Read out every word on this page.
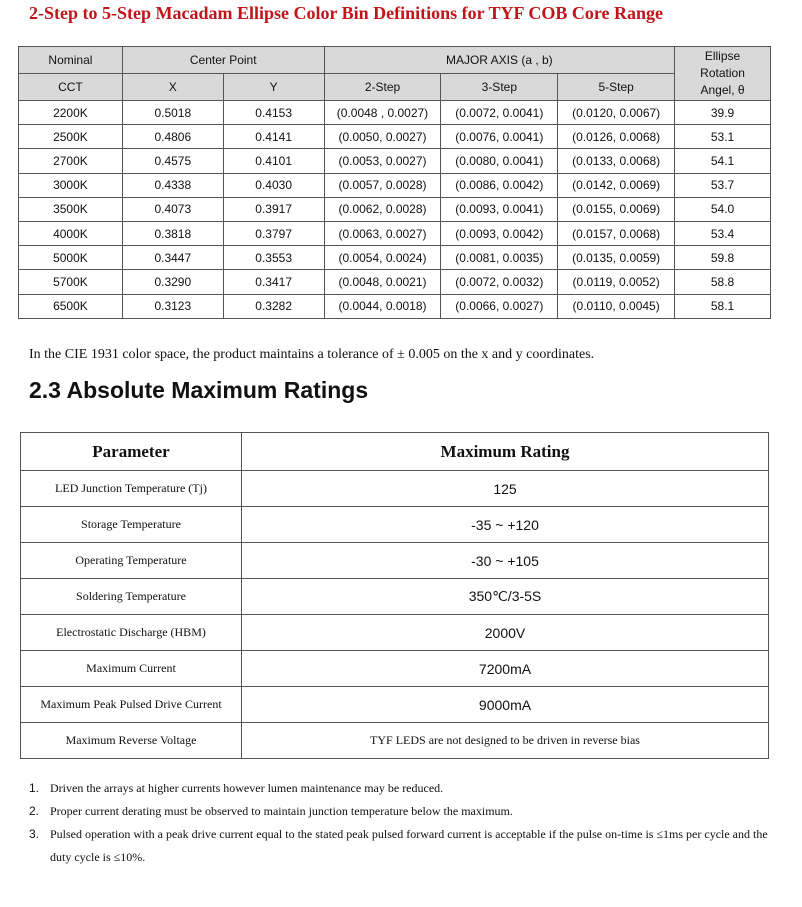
2-Step to 5-Step Macadam Ellipse Color Bin Definitions for TYF COB Core Range
Nominal	Center Point		MAJOR AXIS (a , b)			Ellipse
Rotation
Angel, θ

CCT	X	Y	2-Step	3-Step	5-Step	
2200K	0.5018	0.4153	(0.0048 , 0.0027)	(0.0072, 0.0041)	(0.0120, 0.0067)	39.9
2500K	0.4806	0.4141	(0.0050, 0.0027)	(0.0076, 0.0041)	(0.0126, 0.0068)	53.1
2700K	0.4575	0.4101	(0.0053, 0.0027)	(0.0080, 0.0041)	(0.0133, 0.0068)	54.1
3000K	0.4338	0.4030	(0.0057, 0.0028)	(0.0086, 0.0042)	(0.0142, 0.0069)	53.7
3500K	0.4073	0.3917	(0.0062, 0.0028)	(0.0093, 0.0041)	(0.0155, 0.0069)	54.0
4000K	0.3818	0.3797	(0.0063, 0.0027)	(0.0093, 0.0042)	(0.0157, 0.0068)	53.4
5000K	0.3447	0.3553	(0.0054, 0.0024)	(0.0081, 0.0035)	(0.0135, 0.0059)	59.8
5700K	0.3290	0.3417	(0.0048, 0.0021)	(0.0072, 0.0032)	(0.0119, 0.0052)	58.8
6500K	0.3123	0.3282	(0.0044, 0.0018)	(0.0066, 0.0027)	(0.0110, 0.0045)	58.1
In the CIE 1931 color space, the product maintains a tolerance of ± 0.005 on the x and y coordinates.
2.3 Absolute Maximum Ratings
Parameter	Maximum Rating
LED Junction Temperature (Tj)	125
Storage Temperature	-35 ~ +120
Operating Temperature	-30 ~ +105
Soldering Temperature	350℃/3-5S
Electrostatic Discharge (HBM)	2000V
Maximum Current	7200mA
Maximum Peak Pulsed Drive Current	9000mA
Maximum Reverse Voltage	TYF LEDS are not designed to be driven in reverse bias
1. Driven the arrays at higher currents however lumen maintenance may be reduced.
2. Proper current derating must be observed to maintain junction temperature below the maximum.
3. Pulsed operation with a peak drive current equal to the stated peak pulsed forward current is acceptable if the pulse on-time is ≤1ms per cycle and the duty cycle is ≤10%.
